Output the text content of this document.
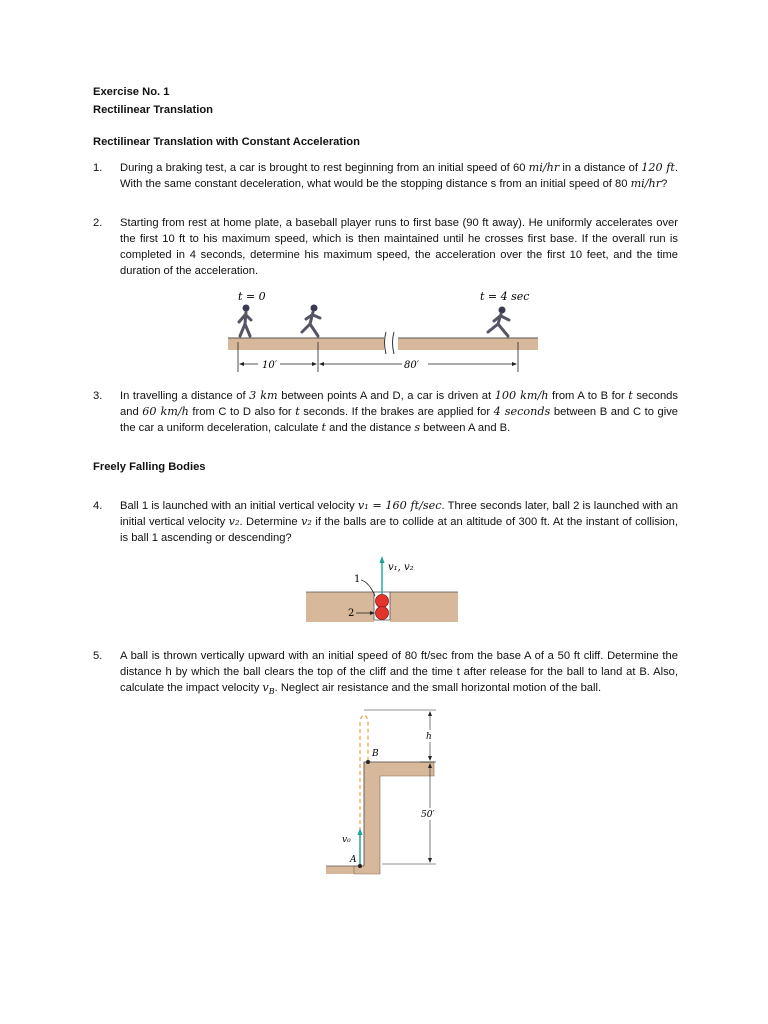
Exercise No. 1
Rectilinear Translation
Rectilinear Translation with Constant Acceleration
1.	During a braking test, a car is brought to rest beginning from an initial speed of 60 mi/hr in a distance of 120 ft. With the same constant deceleration, what would be the stopping distance s from an initial speed of 80 mi/hr?
2.	Starting from rest at home plate, a baseball player runs to first base (90 ft away). He uniformly accelerates over the first 10 ft to his maximum speed, which is then maintained until he crosses first base. If the overall run is completed in 4 seconds, determine his maximum speed, the acceleration over the first 10 feet, and the time duration of the acceleration.
t = 0	t = 4 sec
10′	80′
3.	In travelling a distance of 3 km between points A and D, a car is driven at 100 km/h from A to B for t seconds and 60 km/h from C to D also for t seconds. If the brakes are applied for 4 seconds between B and C to give the car a uniform deceleration, calculate t and the distance s between A and B.
Freely Falling Bodies
4.	Ball 1 is launched with an initial vertical velocity v₁ = 160 ft/sec. Three seconds later, ball 2 is launched with an initial vertical velocity v₂. Determine v₂ if the balls are to collide at an altitude of 300 ft. At the instant of collision, is ball 1 ascending or descending?
v₁, v₂
1
2
5.	A ball is thrown vertically upward with an initial speed of 80 ft/sec from the base A of a 50 ft cliff. Determine the distance h by which the ball clears the top of the cliff and the time t after release for the ball to land at B. Also, calculate the impact velocity $v_B$. Neglect air resistance and the small horizontal motion of the ball.
B
v₀
A
h
50′
